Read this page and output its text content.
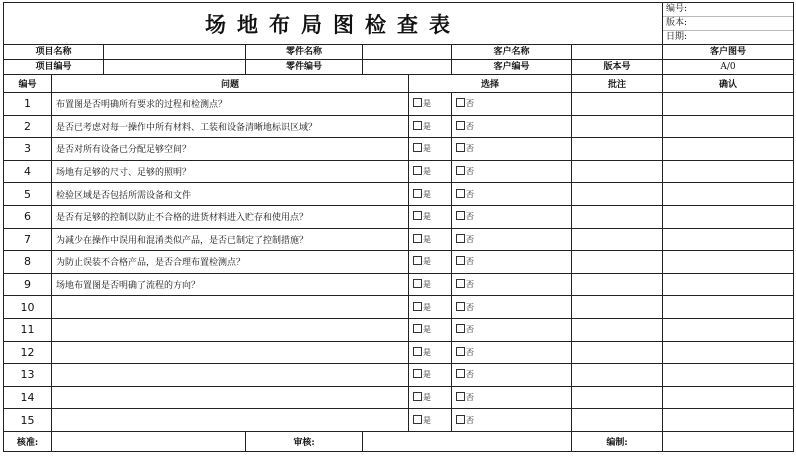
场地布局图检查表								编号:
版本:
日期:

项目名称			零件名称			客户名称		客户图号
项目编号			零件编号			客户编号	版本号	A/0
编号	问题				选择		批注	确认
1	布置图是否明确所有要求的过程和检测点？				是	否		
2	是否已考虑对每一操作中所有材料、工装和设备清晰地标识区域？				是	否		
3	是否对所有设备已分配足够空间？				是	否		
4	场地有足够的尺寸、足够的照明？				是	否		
5	检验区域是否包括所需设备和文件				是	否		
6	是否有足够的控制以防止不合格的进货材料进入贮存和使用点？				是	否		
7	为减少在操作中误用和混淆类似产品，是否已制定了控制措施？				是	否		
8	为防止误装不合格产品，是否合理布置检测点？				是	否		
9	场地布置图是否明确了流程的方向？				是	否		
10					是	否		
11					是	否		
12					是	否		
13					是	否		
14					是	否		
15					是	否		
核准:			审核:				编制:	
